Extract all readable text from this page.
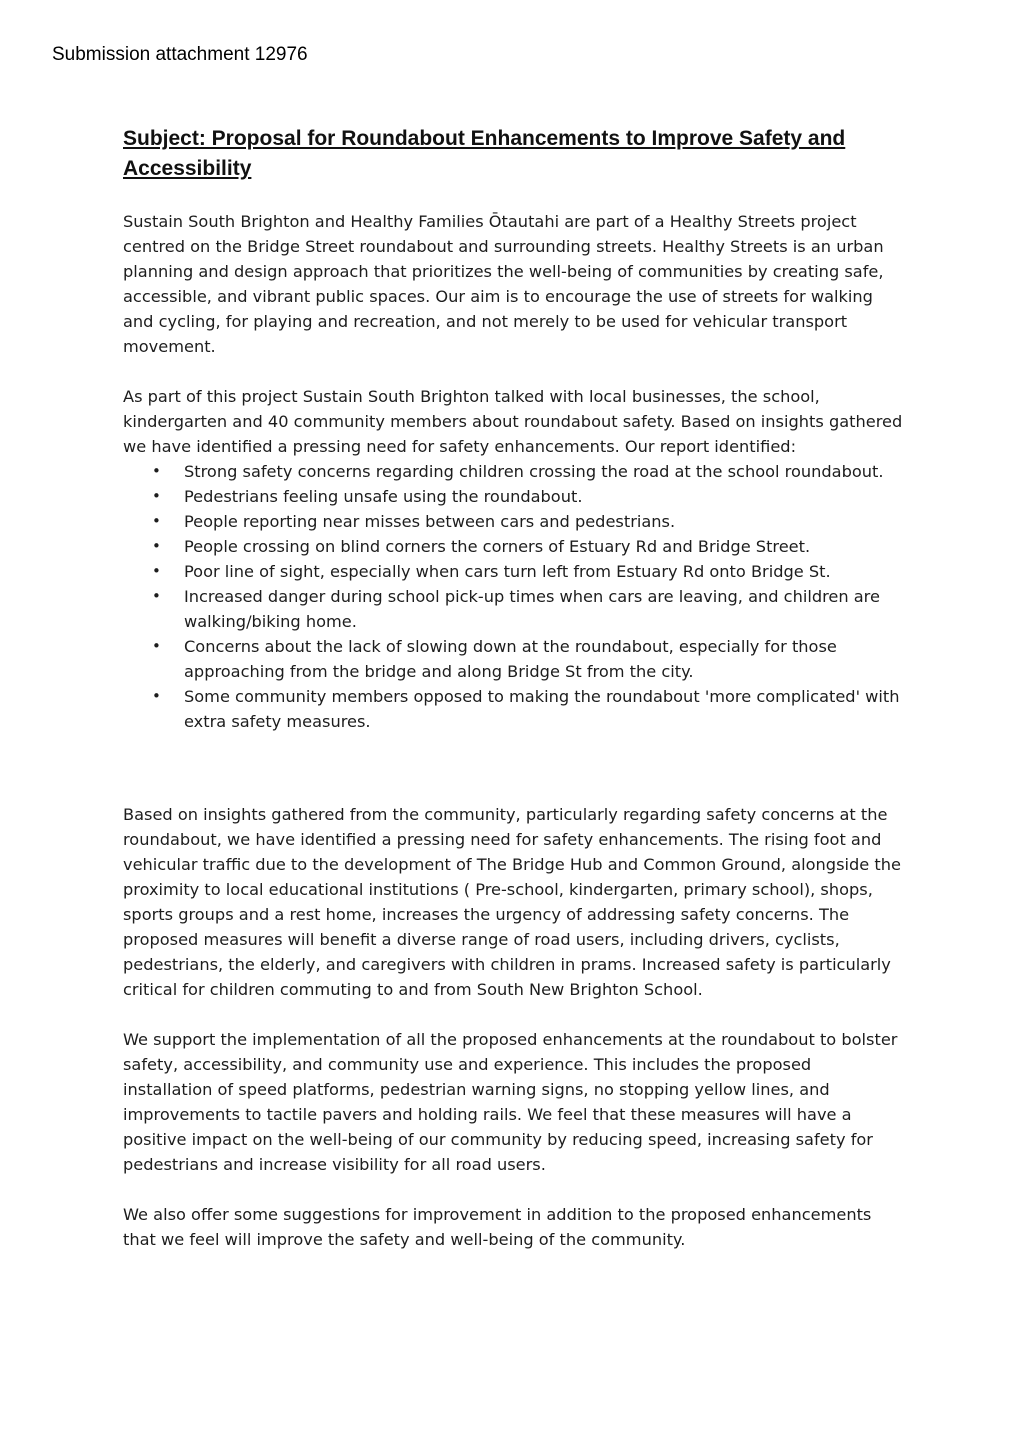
Submission attachment 12976
Subject: Proposal for Roundabout Enhancements to Improve Safety and
Accessibility

Sustain South Brighton and Healthy Families Ōtautahi are part of a Healthy Streets project centred on the Bridge Street roundabout and surrounding streets. Healthy Streets is an urban planning and design approach that prioritizes the well-being of communities by creating safe, accessible, and vibrant public spaces. Our aim is to encourage the use of streets for walking and cycling, for playing and recreation, and not merely to be used for vehicular transport movement.

As part of this project Sustain South Brighton talked with local businesses, the school, kindergarten and 40 community members about roundabout safety. Based on insights gathered we have identified a pressing need for safety enhancements. Our report identified:

• Strong safety concerns regarding children crossing the road at the school roundabout.
• Pedestrians feeling unsafe using the roundabout.
• People reporting near misses between cars and pedestrians.
• People crossing on blind corners the corners of Estuary Rd and Bridge Street.
• Poor line of sight, especially when cars turn left from Estuary Rd onto Bridge St.
• Increased danger during school pick-up times when cars are leaving, and children are walking/biking home.
• Concerns about the lack of slowing down at the roundabout, especially for those approaching from the bridge and along Bridge St from the city.
• Some community members opposed to making the roundabout 'more complicated' with extra safety measures.

Based on insights gathered from the community, particularly regarding safety concerns at the roundabout, we have identified a pressing need for safety enhancements. The rising foot and vehicular traffic due to the development of The Bridge Hub and Common Ground, alongside the proximity to local educational institutions ( Pre-school, kindergarten, primary school), shops, sports groups and a rest home, increases the urgency of addressing safety concerns. The proposed measures will benefit a diverse range of road users, including drivers, cyclists, pedestrians, the elderly, and caregivers with children in prams. Increased safety is particularly critical for children commuting to and from South New Brighton School.

We support the implementation of all the proposed enhancements at the roundabout to bolster safety, accessibility, and community use and experience. This includes the proposed installation of speed platforms, pedestrian warning signs, no stopping yellow lines, and improvements to tactile pavers and holding rails. We feel that these measures will have a positive impact on the well-being of our community by reducing speed, increasing safety for pedestrians and increase visibility for all road users.

We also offer some suggestions for improvement in addition to the proposed enhancements that we feel will improve the safety and well-being of the community.
